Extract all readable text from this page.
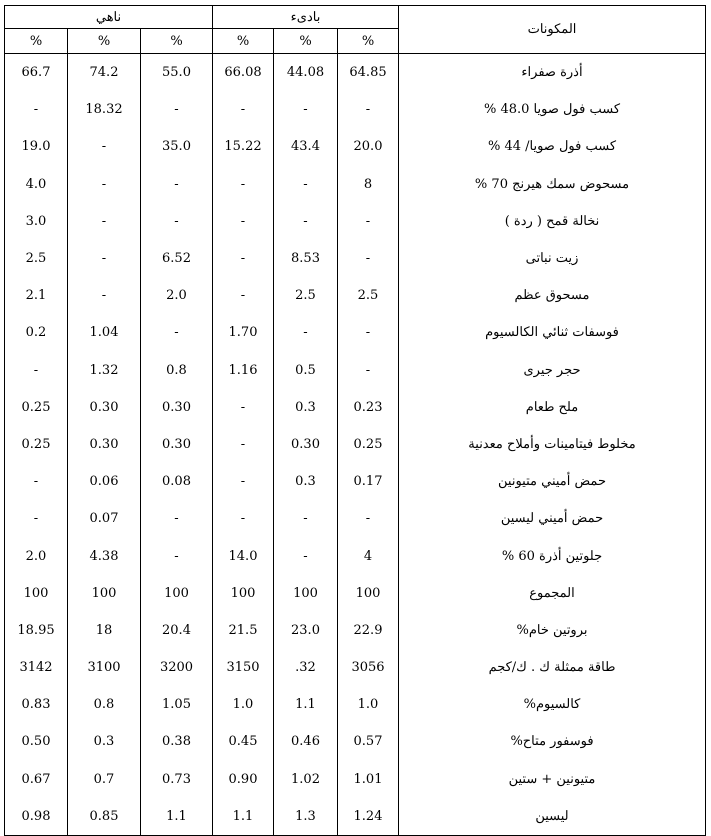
ناهي			بادىء			المكونات
%	%	%	%	%	%	
66.7	74.2	55.0	66.08	44.08	64.85	أذرة صفراء
-	18.32	-	-	-	-	كسب فول صويا 48.0 %
19.0	-	35.0	15.22	43.4	20.0	كسب فول صويا/ 44 %
4.0	-	-	-	-	8	مسحوض سمك هيرنج 70 %
3.0	-	-	-	-	-	نخالة قمح ( ردة )
2.5	-	6.52	-	8.53	-	زيت نباتى
2.1	-	2.0	-	2.5	2.5	مسحوق عظم
0.2	1.04	-	1.70	-	-	فوسفات ثنائي الكالسيوم
-	1.32	0.8	1.16	0.5	-	حجر جيرى
0.25	0.30	0.30	-	0.3	0.23	ملح طعام
0.25	0.30	0.30	-	0.30	0.25	مخلوط فيتامينات وأملاح معدنية
-	0.06	0.08	-	0.3	0.17	حمض أميني متيونين
-	0.07	-	-	-	-	حمض أميني ليسين
2.0	4.38	-	14.0	-	4	جلوتين أذرة 60 %
100	100	100	100	100	100	المجموع
18.95	18	20.4	21.5	23.0	22.9	بروتين خام%
3142	3100	3200	3150	.32	3056	طاقة ممثلة ك . ك/كجم
0.83	0.8	1.05	1.0	1.1	1.0	كالسيوم%
0.50	0.3	0.38	0.45	0.46	0.57	فوسفور متاح%
0.67	0.7	0.73	0.90	1.02	1.01	متيونين + ستين
0.98	0.85	1.1	1.1	1.3	1.24	ليسين
